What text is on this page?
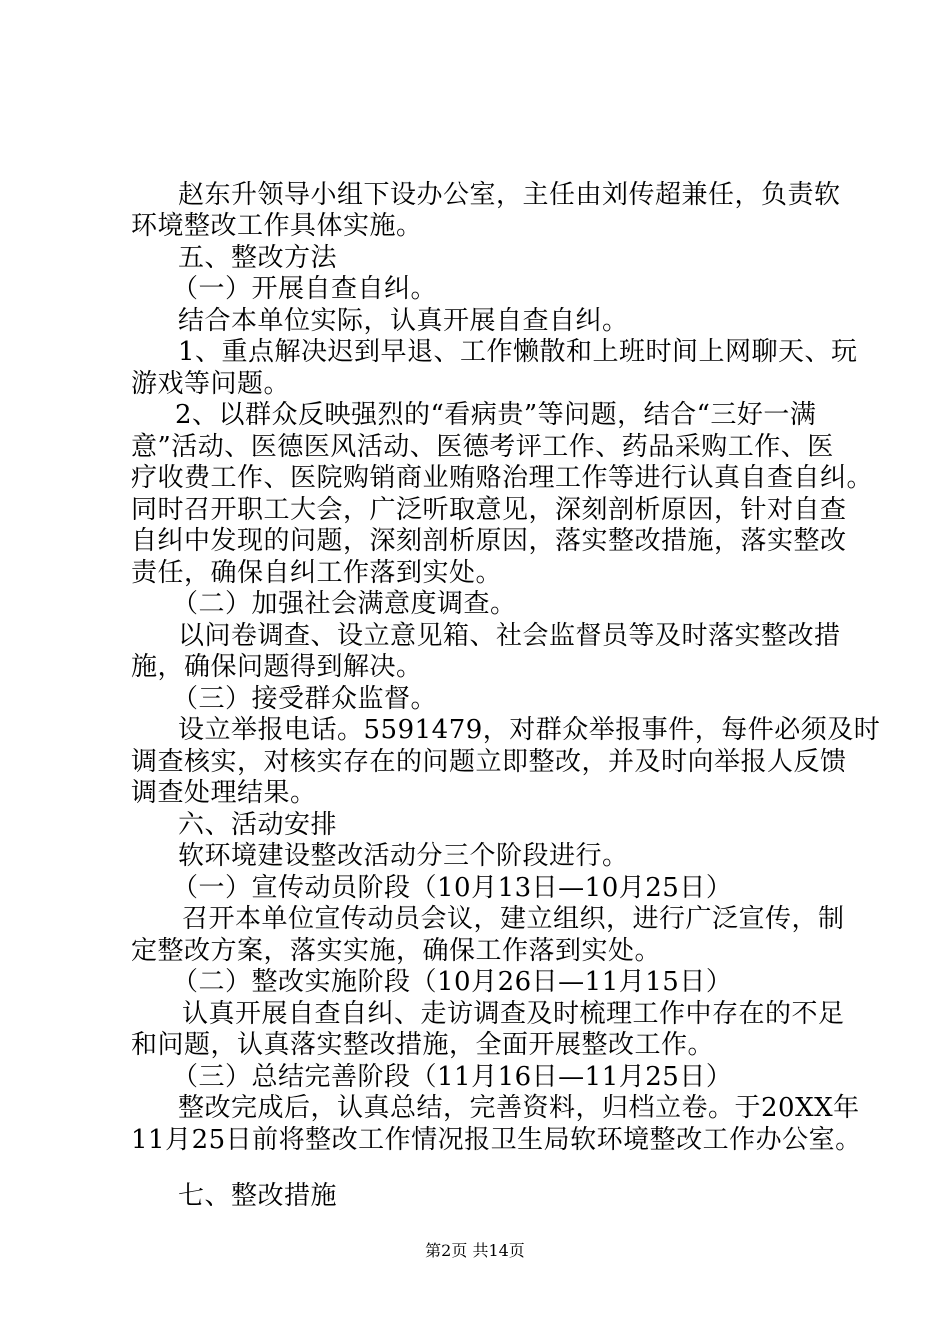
赵东升领导小组下设办公室，主任由刘传超兼任，负责软
环境整改工作具体实施。
五、整改方法
（一）开展自查自纠。
结合本单位实际，认真开展自查自纠。
1、重点解决迟到早退、工作懒散和上班时间上网聊天、玩
游戏等问题。
2、以群众反映强烈的“看病贵”等问题，结合“三好一满
意”活动、医德医风活动、医德考评工作、药品采购工作、医
疗收费工作、医院购销商业贿赂治理工作等进行认真自查自纠。
同时召开职工大会，广泛听取意见，深刻剖析原因，针对自查
自纠中发现的问题，深刻剖析原因，落实整改措施，落实整改
责任，确保自纠工作落到实处。
（二）加强社会满意度调查。
以问卷调查、设立意见箱、社会监督员等及时落实整改措
施，确保问题得到解决。
（三）接受群众监督。
设立举报电话。5591479，对群众举报事件，每件必须及时
调查核实，对核实存在的问题立即整改，并及时向举报人反馈
调查处理结果。
六、活动安排
软环境建设整改活动分三个阶段进行。
（一）宣传动员阶段（10月13日—10月25日）
召开本单位宣传动员会议，建立组织，进行广泛宣传，制
定整改方案，落实实施，确保工作落到实处。
（二）整改实施阶段（10月26日—11月15日）
认真开展自查自纠、走访调查及时梳理工作中存在的不足
和问题，认真落实整改措施，全面开展整改工作。
（三）总结完善阶段（11月16日—11月25日）
整改完成后，认真总结，完善资料，归档立卷。于20XX年
11月25日前将整改工作情况报卫生局软环境整改工作办公室。
七、整改措施
第2页 共14页
